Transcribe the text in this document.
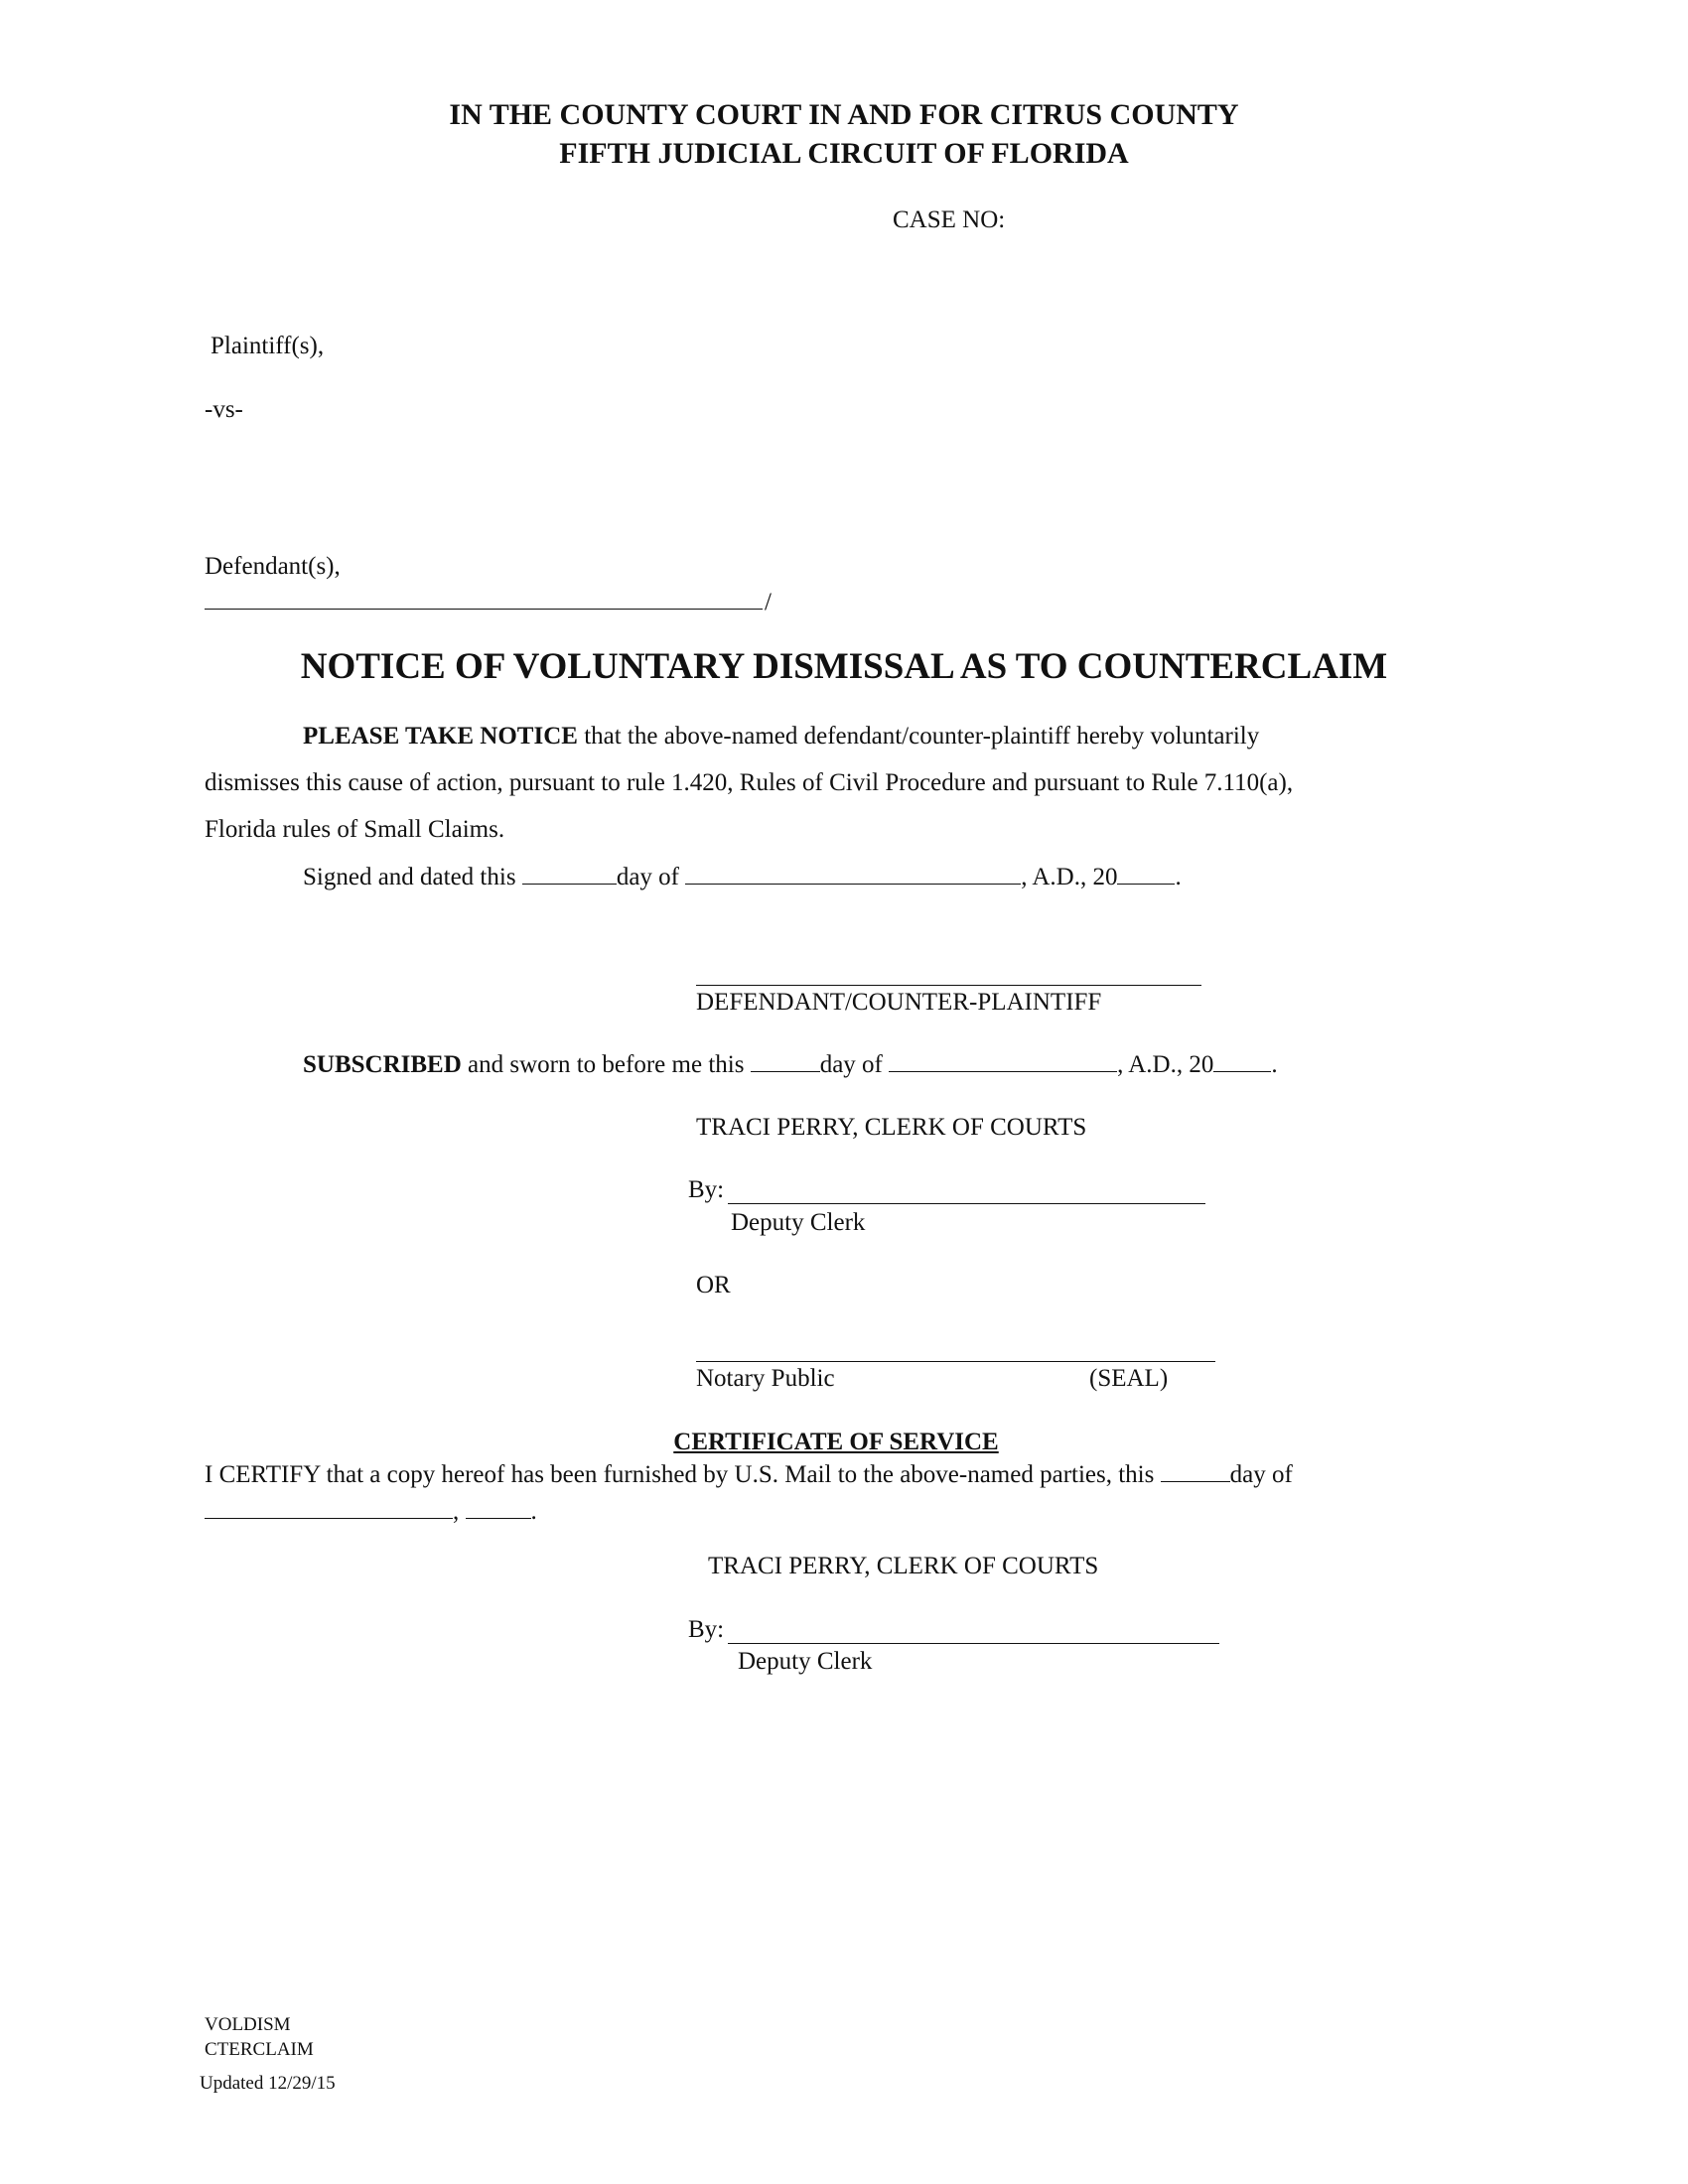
IN THE COUNTY COURT IN AND FOR CITRUS COUNTY
FIFTH JUDICIAL CIRCUIT OF FLORIDA
CASE NO:
Plaintiff(s),
-vs-
Defendant(s),
/
NOTICE OF VOLUNTARY DISMISSAL AS TO COUNTERCLAIM
PLEASE TAKE NOTICE that the above-named defendant/counter-plaintiff hereby voluntarily
dismisses this cause of action, pursuant to rule 1.420, Rules of Civil Procedure and pursuant to Rule 7.110(a),
Florida rules of Small Claims.
Signed and dated this	day of	, A.D., 20 .
DEFENDANT/COUNTER-PLAINTIFF
SUBSCRIBED and sworn to before me this	day of	, A.D., 20 .
TRACI PERRY, CLERK OF COURTS
By:
Deputy Clerk
OR
Notary Public	(SEAL)
CERTIFICATE OF SERVICE
I CERTIFY that a copy hereof has been furnished by U.S. Mail to the above-named parties, this	day of
,	.
TRACI PERRY, CLERK OF COURTS
By:
Deputy Clerk
VOLDISM
CTERCLAIM
Updated 12/29/15
